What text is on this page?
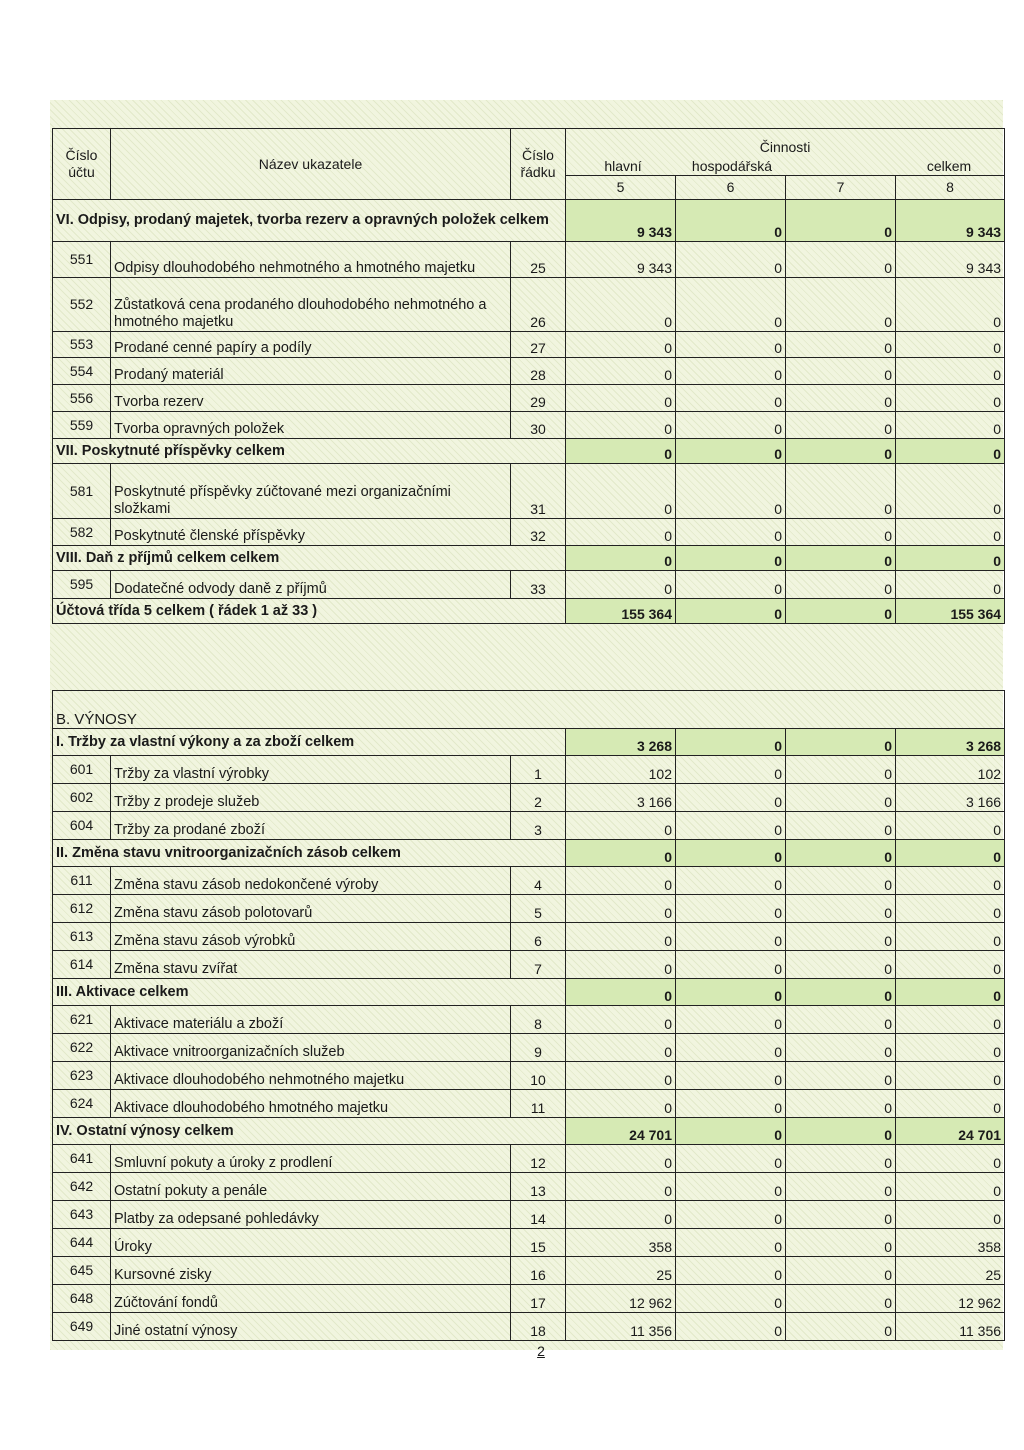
Číslo účtu	Název ukazatele	Číslo řádku	Činnosti
hlavní hospodářská celkem			

			5	6	7	8
VI. Odpisy, prodaný majetek, tvorba rezerv a opravných položek celkem			9 343	0	0	9 343
551	Odpisy dlouhodobého nehmotného a hmotného majetku	25	9 343	0	0	9 343
552	Zůstatková cena prodaného dlouhodobého nehmotného a hmotného majetku	26	0	0	0	0
553	Prodané cenné papíry a podíly	27	0	0	0	0
554	Prodaný materiál	28	0	0	0	0
556	Tvorba rezerv	29	0	0	0	0
559	Tvorba opravných položek	30	0	0	0	0
VII. Poskytnuté příspěvky celkem			0	0	0	0
581	Poskytnuté příspěvky zúčtované mezi organizačními složkami	31	0	0	0	0
582	Poskytnuté členské příspěvky	32	0	0	0	0
VIII. Daň z příjmů celkem celkem			0	0	0	0
595	Dodatečné odvody daně z příjmů	33	0	0	0	0
Účtová třída 5 celkem ( řádek 1 až 33 )			155 364	0	0	155 364
B. VÝNOSY						
I. Tržby za vlastní výkony a za zboží celkem			3 268	0	0	3 268
601	Tržby za vlastní výrobky	1	102	0	0	102
602	Tržby z prodeje služeb	2	3 166	0	0	3 166
604	Tržby za prodané zboží	3	0	0	0	0
II. Změna stavu vnitroorganizačních zásob celkem			0	0	0	0
611	Změna stavu zásob nedokončené výroby	4	0	0	0	0
612	Změna stavu zásob polotovarů	5	0	0	0	0
613	Změna stavu zásob výrobků	6	0	0	0	0
614	Změna stavu zvířat	7	0	0	0	0
III. Aktivace celkem			0	0	0	0
621	Aktivace materiálu a zboží	8	0	0	0	0
622	Aktivace vnitroorganizačních služeb	9	0	0	0	0
623	Aktivace dlouhodobého nehmotného majetku	10	0	0	0	0
624	Aktivace dlouhodobého hmotného majetku	11	0	0	0	0
IV. Ostatní výnosy celkem			24 701	0	0	24 701
641	Smluvní pokuty a úroky z prodlení	12	0	0	0	0
642	Ostatní pokuty a penále	13	0	0	0	0
643	Platby za odepsané pohledávky	14	0	0	0	0
644	Úroky	15	358	0	0	358
645	Kursovné zisky	16	25	0	0	25
648	Zúčtování fondů	17	12 962	0	0	12 962
649	Jiné ostatní výnosy	18	11 356	0	0	11 356
2
